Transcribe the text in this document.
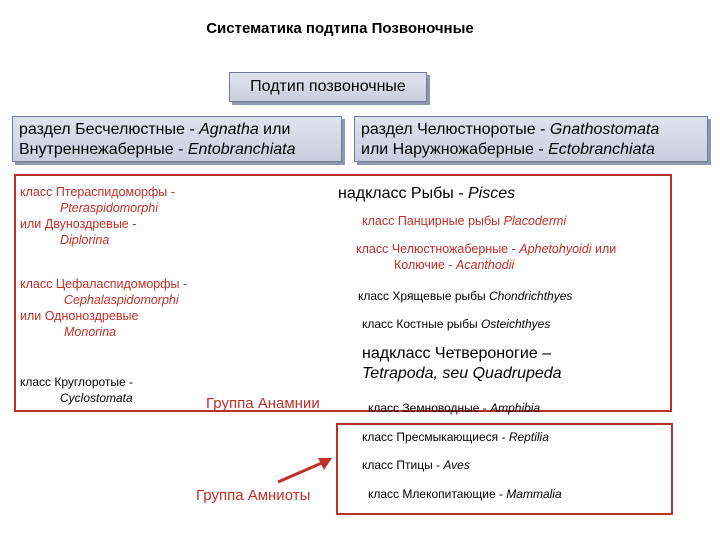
Систематика подтипа Позвоночные
Подтип позвоночные
раздел Бесчелюстные - Agnatha или
Внутреннежаберные - Entobranchiata
раздел Челюстноротые - Gnathostomata
или Наружножаберные - Ectobranchiata
класс Птераспидоморфы -

Pteraspidomorphi
или Двуноздревые -

Diplorina
класс Цефаласпидоморфы -

Cephalaspidomorphi
или Однонoздревые

Monorina
класс Круглоротые -

Cyclostomata
надкласс Рыбы - Pisces
класс Панцирные рыбы Placodermi
класс Челюстножаберные - Aphetohyoidi или
Колючие - Acanthodii
класс Хрящевые рыбы Chondrichthyes
класс Костные рыбы Osteichthyes
надкласс Четвероногие –
Tetrapoda, seu Quadrupeda
Группа Анамнии	класс Земноводные - Amphibia
класс Пресмыкающиеся - Reptilia
класс Птицы - Aves
класс Млекопитающие - Mammalia
Группа Амниоты
